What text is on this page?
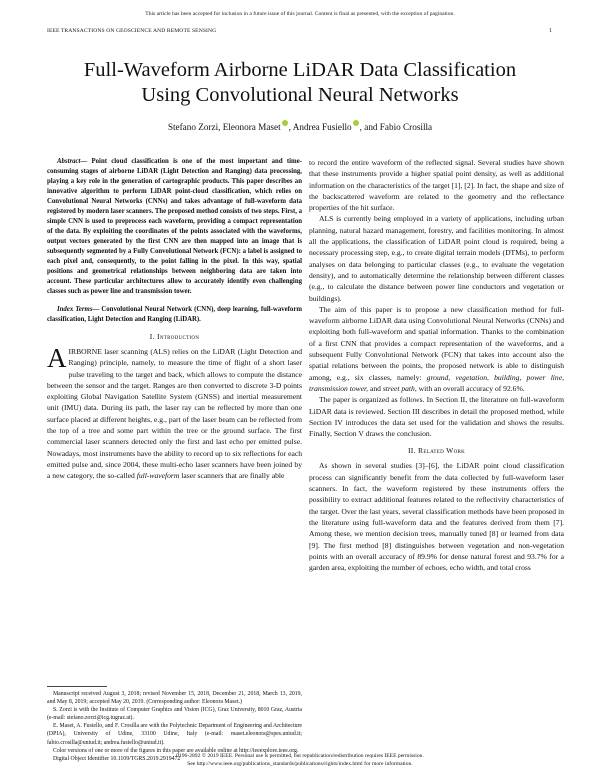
This article has been accepted for inclusion in a future issue of this journal. Content is final as presented, with the exception of pagination.
IEEE TRANSACTIONS ON GEOSCIENCE AND REMOTE SENSING	1
Full-Waveform Airborne LiDAR Data Classification
Using Convolutional Neural Networks
Stefano Zorzi, Eleonora Maset , Andrea Fusiello , and Fabio Crosilla

Abstract— Point cloud classification is one of the most important and time-consuming stages of airborne LiDAR (Light Detection and Ranging) data processing, playing a key role in the generation of cartographic products. This paper describes an innovative algorithm to perform LiDAR point-cloud classification, which relies on Convolutional Neural Networks (CNNs) and takes advantage of full-waveform data registered by modern laser scanners. The proposed method consists of two steps. First, a simple CNN is used to preprocess each waveform, providing a compact representation of the data. By exploiting the coordinates of the points associated with the waveforms, output vectors generated by the first CNN are then mapped into an image that is subsequently segmented by a Fully Convolutional Network (FCN): a label is assigned to each pixel and, consequently, to the point falling in the pixel. In this way, spatial positions and geometrical relationships between neighboring data are taken into account. These particular architectures allow to accurately identify even challenging classes such as power line and transmission tower.

Index Terms— Convolutional Neural Network (CNN), deep learning, full-waveform classification, Light Detection and Ranging (LiDAR).

I. Introduction

AIRBORNE laser scanning (ALS) relies on the LiDAR (Light Detection and Ranging) principle, namely, to measure the time of flight of a short laser pulse traveling to the target and back, which allows to compute the distance between the sensor and the target. Ranges are then converted to discrete 3-D points exploiting Global Navigation Satellite System (GNSS) and inertial measurement unit (IMU) data. During its path, the laser ray can be reflected by more than one surface placed at different heights, e.g., part of the laser beam can be reflected from the top of a tree and some part within the tree or the ground surface. The first commercial laser scanners detected only the first and last echo per emitted pulse. Nowadays, most instruments have the ability to record up to six reflections for each emitted pulse and, since 2004, these multi-echo laser scanners have been joined by a new category, the so-called full-waveform laser scanners that are finally able

Manuscript received August 3, 2018; revised November 15, 2018, December 21, 2018, March 13, 2019, and May 8, 2019; accepted May 20, 2019. (Corresponding author: Eleonora Maset.)

S. Zorzi is with the Institute of Computer Graphics and Vision (ICG), Graz University, 8010 Graz, Austria (e-mail: stefano.zorzi@icg.tugraz.at).

E. Maset, A. Fusiello, and F. Crosilla are with the Polytechnic Department of Engineering and Architecture (DPIA), University of Udine, 33100 Udine, Italy (e-mail: maset.eleonora@spes.uniud.it; fabio.crosilla@uniud.it; andrea.fusiello@uniud.it).

Color versions of one or more of the figures in this paper are available online at http://ieeexplore.ieee.org.

Digital Object Identifier 10.1109/TGRS.2019.2919472

to record the entire waveform of the reflected signal. Several studies have shown that these instruments provide a higher spatial point density, as well as additional information on the characteristics of the target [1], [2]. In fact, the shape and size of the backscattered waveform are related to the geometry and the reflectance properties of the hit surface.

ALS is currently being employed in a variety of applications, including urban planning, natural hazard management, forestry, and facilities monitoring. In almost all the applications, the classification of LiDAR point cloud is required, being a necessary processing step, e.g., to create digital terrain models (DTMs), to perform analyses on data belonging to particular classes (e.g., to evaluate the vegetation density), and to automatically determine the relationship between different classes (e.g., to calculate the distance between power line conductors and vegetation or buildings).

The aim of this paper is to propose a new classification method for full-waveform airborne LiDAR data using Convolutional Neural Networks (CNNs) and exploiting both full-waveform and spatial information. Thanks to the combination of a first CNN that provides a compact representation of the waveforms, and a subsequent Fully Convolutional Network (FCN) that takes into account also the spatial relations between the points, the proposed network is able to distinguish among, e.g., six classes, namely: ground, vegetation, building, power line, transmission tower, and street path, with an overall accuracy of 92.6%.

The paper is organized as follows. In Section II, the literature on full-waveform LiDAR data is reviewed. Section III describes in detail the proposed method, while Section IV introduces the data set used for the validation and shows the results. Finally, Section V draws the conclusion.

II. Related Work

As shown in several studies [3]–[6], the LiDAR point cloud classification process can significantly benefit from the data collected by full-waveform laser scanners. In fact, the waveform registered by these instruments offers the possibility to extract additional features related to the reflectivity characteristics of the target. Over the last years, several classification methods have been proposed in the literature using full-waveform data and the features derived from them [7]. Among these, we mention decision trees, manually tuned [8] or learned from data [9]. The first method [8] distinguishes between vegetation and non-vegetation points with an overall accuracy of 89.9% for dense natural forest and 93.7% for a garden area, exploiting the number of echoes, echo width, and total cross

0196-2892 © 2019 IEEE. Personal use is permitted, but republication/redistribution requires IEEE permission.
See http://www.ieee.org/publications_standards/publications/rights/index.html for more information.
